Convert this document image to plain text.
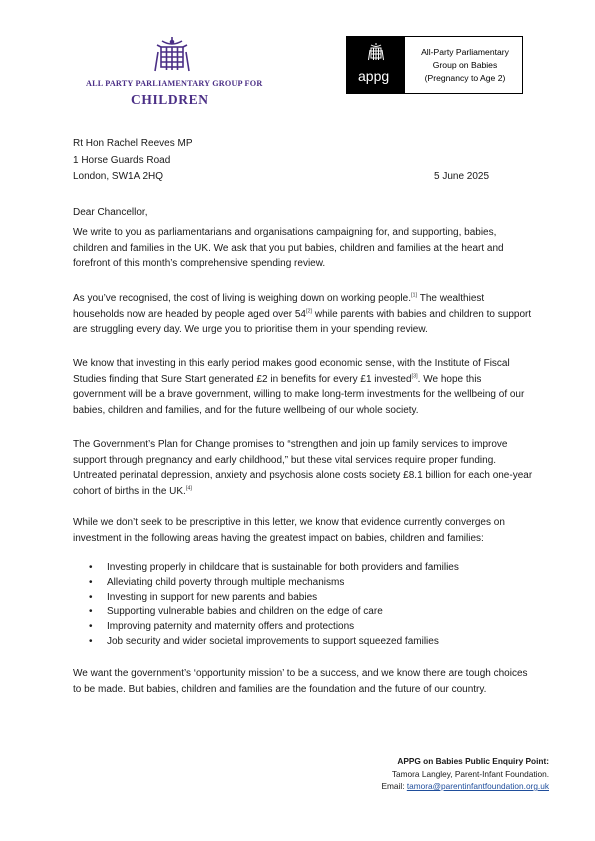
ALL PARTY PARLIAMENTARY GROUP FOR
CHILDREN
appg
All-Party Parliamentary
Group on Babies
(Pregnancy to Age 2)
Rt Hon Rachel Reeves MP
1 Horse Guards Road
London, SW1A 2HQ	5 June 2025
Dear Chancellor,

We write to you as parliamentarians and organisations campaigning for, and supporting, babies, children and families in the UK. We ask that you put babies, children and families at the heart and forefront of this month’s comprehensive spending review.

As you’ve recognised, the cost of living is weighing down on working people.[1] The wealthiest households now are headed by people aged over 54[2] while parents with babies and children to support are struggling every day. We urge you to prioritise them in your spending review.

We know that investing in this early period makes good economic sense, with the Institute of Fiscal Studies finding that Sure Start generated £2 in benefits for every £1 invested[3]. We hope this government will be a brave government, willing to make long-term investments for the wellbeing of our babies, children and families, and for the future wellbeing of our whole society.

The Government’s Plan for Change promises to “strengthen and join up family services to improve support through pregnancy and early childhood,” but these vital services require proper funding. Untreated perinatal depression, anxiety and psychosis alone costs society £8.1 billion for each one-year cohort of births in the UK.[4]

While we don’t seek to be prescriptive in this letter, we know that evidence currently converges on investment in the following areas having the greatest impact on babies, children and families:

• Investing properly in childcare that is sustainable for both providers and families
• Alleviating child poverty through multiple mechanisms
• Investing in support for new parents and babies
• Supporting vulnerable babies and children on the edge of care
• Improving paternity and maternity offers and protections
• Job security and wider societal improvements to support squeezed families

We want the government’s ‘opportunity mission’ to be a success, and we know there are tough choices to be made. But babies, children and families are the foundation and the future of our country.

APPG on Babies Public Enquiry Point:
Tamora Langley, Parent-Infant Foundation.
Email: tamora@parentinfantfoundation.org.uk
